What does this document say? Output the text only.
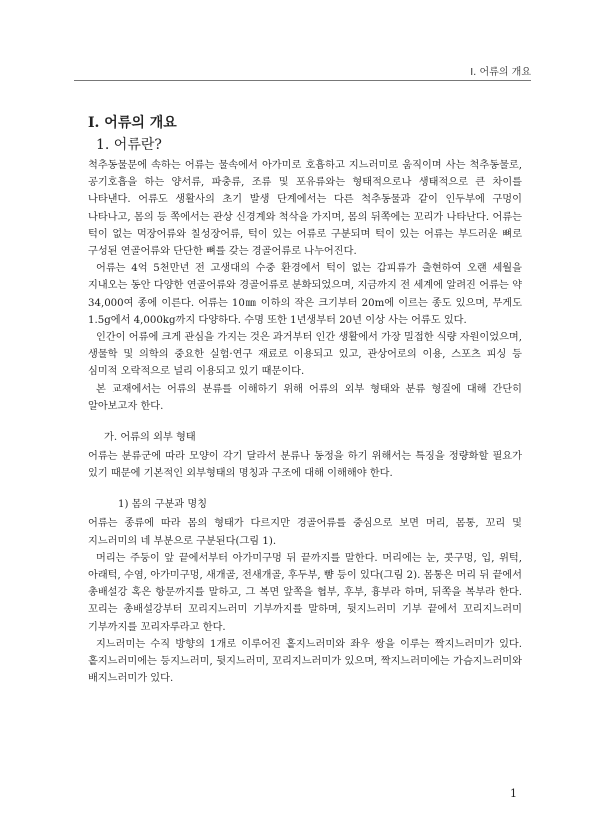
Ⅰ. 어류의 개요
Ⅰ. 어류의 개요
1. 어류란?

척추동물문에 속하는 어류는 물속에서 아가미로 호흡하고 지느러미로 움직이며 사는 척추동물로, 공기호흡을 하는 양서류, 파충류, 조류 및 포유류와는 형태적으로나 생태적으로 큰 차이를 나타낸다. 어류도 생활사의 초기 발생 단계에서는 다른 척추동물과 같이 인두부에 구멍이 나타나고, 몸의 등 쪽에서는 관상 신경계와 척삭을 가지며, 몸의 뒤쪽에는 꼬리가 나타난다. 어류는 턱이 없는 먹장어류와 칠성장어류, 턱이 있는 어류로 구분되며 턱이 있는 어류는 부드러운 뼈로 구성된 연골어류와 단단한 뼈를 갖는 경골어류로 나누어진다.

어류는 4억 5천만년 전 고생대의 수중 환경에서 턱이 없는 갑피류가 출현하여 오랜 세월을 지내오는 동안 다양한 연골어류와 경골어류로 분화되었으며, 지금까지 전 세계에 알려진 어류는 약 34,000여 종에 이른다. 어류는 10㎜ 이하의 작은 크기부터 20m에 이르는 종도 있으며, 무게도 1.5g에서 4,000kg까지 다양하다. 수명 또한 1년생부터 20년 이상 사는 어류도 있다.

인간이 어류에 크게 관심을 가지는 것은 과거부터 인간 생활에서 가장 밀접한 식량 자원이었으며, 생물학 및 의학의 중요한 실험·연구 재료로 이용되고 있고, 관상어로의 이용, 스포츠 피싱 등 심미적 오락적으로 널리 이용되고 있기 때문이다.

본 교재에서는 어류의 분류를 이해하기 위해 어류의 외부 형태와 분류 형질에 대해 간단히 알아보고자 한다.

가. 어류의 외부 형태

어류는 분류군에 따라 모양이 각기 달라서 분류나 동정을 하기 위해서는 특징을 정량화할 필요가 있기 때문에 기본적인 외부형태의 명칭과 구조에 대해 이해해야 한다.

1) 몸의 구분과 명칭

어류는 종류에 따라 몸의 형태가 다르지만 경골어류를 중심으로 보면 머리, 몸통, 꼬리 및 지느러미의 네 부분으로 구분된다(그림 1).

머리는 주둥이 앞 끝에서부터 아가미구멍 뒤 끝까지를 말한다. 머리에는 눈, 콧구멍, 입, 위턱, 아래턱, 수염, 아가미구멍, 새개골, 전새개골, 후두부, 뺨 등이 있다(그림 2). 몸통은 머리 뒤 끝에서 총배설강 혹은 항문까지를 말하고, 그 복면 앞쪽을 협부, 후부, 흉부라 하며, 뒤쪽을 복부라 한다. 꼬리는 총배설강부터 꼬리지느러미 기부까지를 말하며, 뒷지느러미 기부 끝에서 꼬리지느러미 기부까지를 꼬리자루라고 한다.

지느러미는 수직 방향의 1개로 이루어진 홑지느러미와 좌우 쌍을 이루는 짝지느러미가 있다. 홑지느러미에는 등지느러미, 뒷지느러미, 꼬리지느러미가 있으며, 짝지느러미에는 가슴지느러미와 배지느러미가 있다.

1
